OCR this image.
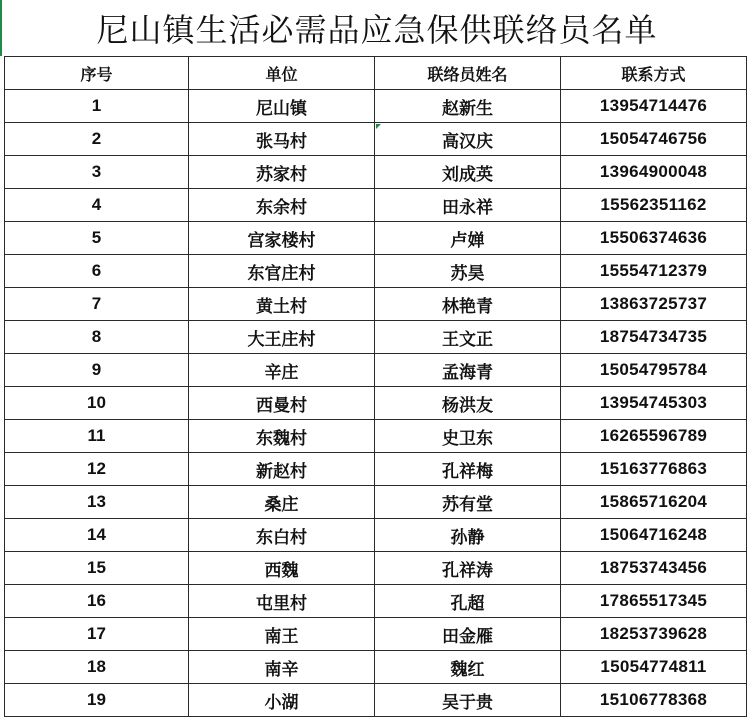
尼山镇生活必需品应急保供联络员名单
序号	单位	联络员姓名	联系方式
1	尼山镇	赵新生	13954714476
2	张马村	高汉庆	15054746756
3	苏家村	刘成英	13964900048
4	东余村	田永祥	15562351162
5	宫家楼村	卢婵	15506374636
6	东官庄村	苏昊	15554712379
7	黄土村	林艳青	13863725737
8	大王庄村	王文正	18754734735
9	辛庄	孟海青	15054795784
10	西曼村	杨洪友	13954745303
11	东魏村	史卫东	16265596789
12	新赵村	孔祥梅	15163776863
13	桑庄	苏有堂	15865716204
14	东白村	孙静	15064716248
15	西魏	孔祥涛	18753743456
16	屯里村	孔超	17865517345
17	南王	田金雁	18253739628
18	南辛	魏红	15054774811
19	小湖	吴于贵	15106778368
